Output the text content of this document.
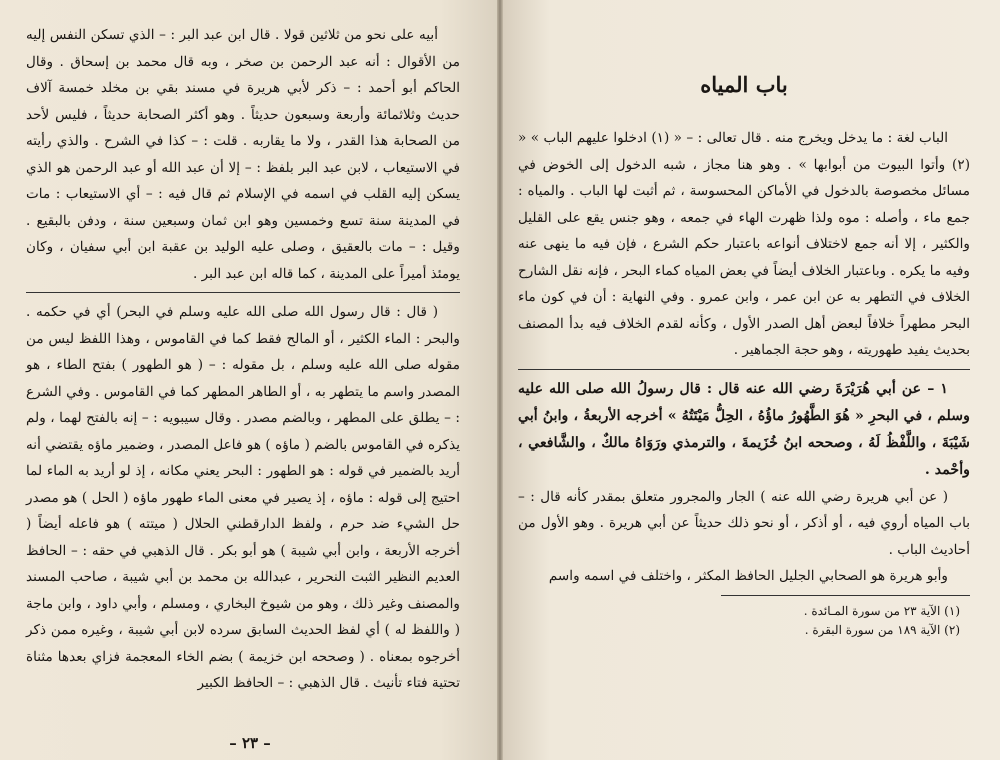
أبيه على نحو من ثلاثين قولا . قال ابن عبد البر : – الذي تسكن النفس إليه من الأقوال : أنه عبد الرحمن بن صخر ، وبه قال محمد بن إسحاق . وقال الحاكم أبو أحمد : – ذكر لأبي هريرة في مسند بقي بن مخلد خمسة آلاف حديث وثلاثمائة وأربعة وسبعون حديثاً . وهو أكثر الصحابة حديثاً ، فليس لأحد من الصحابة هذا القدر ، ولا ما يقاربه . قلت : – كذا في الشرح . والذي رأيته في الاستيعاب ، لابن عبد البر بلفظ : – إلا أن عبد الله أو عبد الرحمن هو الذي يسكن إليه القلب في اسمه في الإسلام ثم قال فيه : – أي الاستيعاب : مات في المدينة سنة تسع وخمسين وهو ابن ثمان وسبعين سنة ، ودفن بالبقيع . وقيل : – مات بالعقيق ، وصلى عليه الوليد بن عقبة ابن أبي سفيان ، وكان يومئذ أميراً على المدينة ، كما قاله ابن عبد البر .

( قال : قال رسول الله صلى الله عليه وسلم في البحر) أي في حكمه . والبحر : الماء الكثير ، أو المالح فقط كما في القاموس ، وهذا اللفظ ليس من مقوله صلى الله عليه وسلم ، بل مقوله : – ( هو الطهور ) بفتح الطاء ، هو المصدر واسم ما يتطهر به ، أو الطاهر المطهر كما في القاموس . وفي الشرع : – يطلق على المطهر ، وبالضم مصدر . وقال سيبويه : – إنه بالفتح لهما ، ولم يذكره في القاموس بالضم ( ماؤه ) هو فاعل المصدر ، وضمير ماؤه يقتضي أنه أريد بالضمير في قوله : هو الطهور : البحر يعني مكانه ، إذ لو أريد به الماء لما احتيج إلى قوله : ماؤه ، إذ يصير في معنى الماء طهور ماؤه ( الحل ) هو مصدر حل الشيء ضد حرم ، ولفظ الدارقطني الحلال ( ميتته ) هو فاعله أيضاً ( أخرجه الأربعة ، وابن أبي شيبة ) هو أبو بكر . قال الذهبي في حقه : – الحافظ العديم النظير الثبت النحرير ، عبدالله بن محمد بن أبي شيبة ، صاحب المسند والمصنف وغير ذلك ، وهو من شيوخ البخاري ، ومسلم ، وأبي داود ، وابن ماجة ( واللفظ له ) أي لفظ الحديث السابق سرده لابن أبي شيبة ، وغيره ممن ذكر أخرجوه بمعناه . ( وصححه ابن خزيمة ) بضم الخاء المعجمة فزاي بعدها مثناة تحتية فتاء تأنيث . قال الذهبي : – الحافظ الكبير

– ٢٣ –
باب المياه

الباب لغة : ما يدخل ويخرج منه . قال تعالى : – « (١) ادخلوا عليهم الباب » « (٢) وأتوا البيوت من أبوابها » . وهو هنا مجاز ، شبه الدخول إلى الخوض في مسائل مخصوصة بالدخول في الأماكن المحسوسة ، ثم أثبت لها الباب . والمياه : جمع ماء ، وأصله : موه ولذا ظهرت الهاء في جمعه ، وهو جنس يقع على القليل والكثير ، إلا أنه جمع لاختلاف أنواعه باعتبار حكم الشرع ، فإن فيه ما ينهى عنه وفيه ما يكره . وباعتبار الخلاف أيضاً في بعض المياه كماء البحر ، فإنه نقل الشارح الخلاف في التطهر به عن ابن عمر ، وابن عمرو . وفي النهاية : أن في كون ماء البحر مطهراً خلافاً لبعض أهل الصدر الأول ، وكأنه لقدم الخلاف فيه بدأ المصنف بحديث يفيد طهوريته ، وهو حجة الجماهير .

١ – عن أبي هُرَيْرَةَ رضي الله عنه قال : قال رسولُ الله صلى الله عليه وسلم ، في البحرِ « هُوَ الطَّهُورُ ماؤُهُ ، الحِلُّ مَيْتَتُهُ » أخرجه الأربعةُ ، وابنُ أبي شَيْبَةَ ، واللَّفْظُ لَهُ ، وصححه ابنُ خُزَيمةَ ، والترمذي ورَوَاهُ مالكٌ ، والشَّافعي ، وأحْمد .

( عن أبي هريرة رضي الله عنه ) الجار والمجرور متعلق بمقدر كأنه قال : – باب المياه أروي فيه ، أو أذكر ، أو نحو ذلك حديثاً عن أبي هريرة . وهو الأول من أحاديث الباب .

وأبو هريرة هو الصحابي الجليل الحافظ المكثر ، واختلف في اسمه واسم

(١) الآية ٢٣ من سورة المـائدة .

(٢) الآية ١٨٩ من سورة البقرة .
